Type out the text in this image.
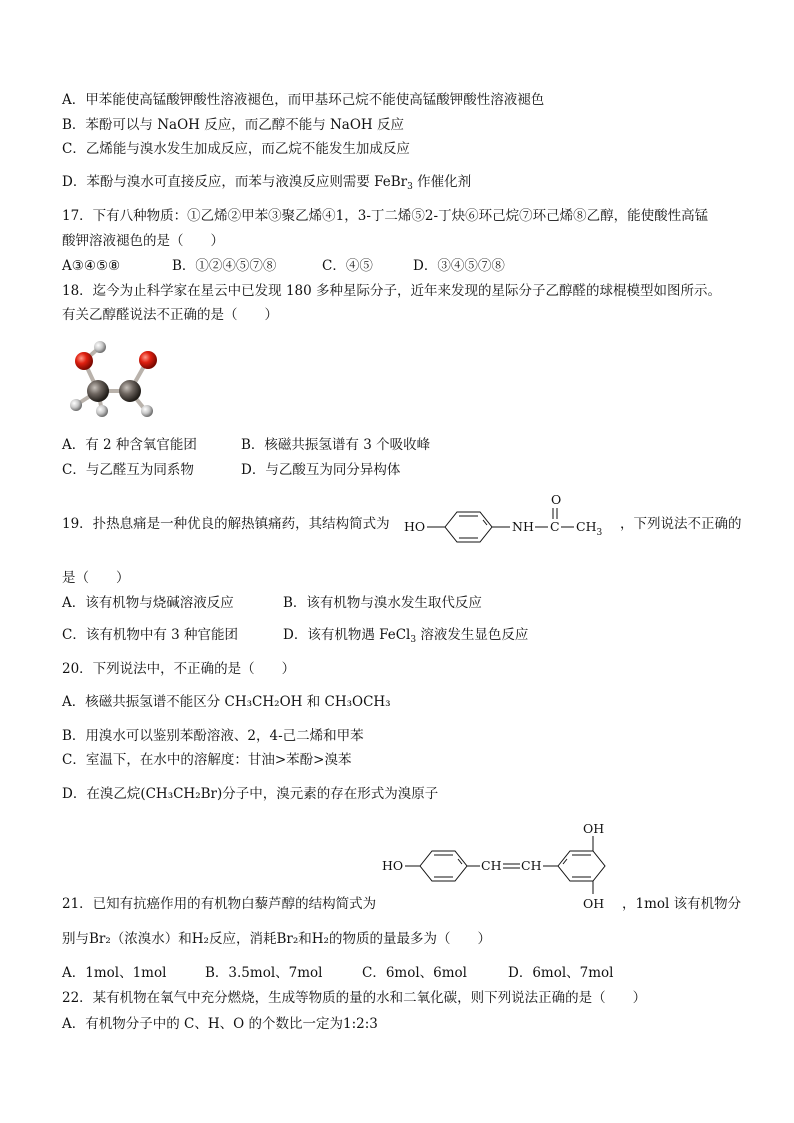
A．甲苯能使高锰酸钾酸性溶液褪色，而甲基环己烷不能使高锰酸钾酸性溶液褪色
B．苯酚可以与 NaOH 反应，而乙醇不能与 NaOH 反应
C．乙烯能与溴水发生加成反应，而乙烷不能发生加成反应
D．苯酚与溴水可直接反应，而苯与液溴反应则需要 FeBr$_3$ 作催化剂
17．下有八种物质：①乙烯②甲苯③聚乙烯④1，3-丁二烯⑤2-丁炔⑥环己烷⑦环己烯⑧乙醇，能使酸性高锰
酸钾溶液褪色的是（　　）
A③④⑤⑧	B．①②④⑤⑦⑧	C．④⑤	D．③④⑤⑦⑧
18．迄今为止科学家在星云中已发现 180 多种星际分子，近年来发现的星际分子乙醇醛的球棍模型如图所示。
有关乙醇醛说法不正确的是（　　）
A．有 2 种含氧官能团	B．核磁共振氢谱有 3 个吸收峰
C．与乙醛互为同系物	D．与乙酸互为同分异构体
19．扑热息痛是一种优良的解热镇痛药，其结构简式为 HO	NH C
O
$CH_3$
，下列说法不正确的
是（　　）
A．该有机物与烧碱溶液反应	B．该有机物与溴水发生取代反应
C．该有机物中有 3 种官能团	D．该有机物遇 FeCl$_3$ 溶液发生显色反应
20．下列说法中，不正确的是（　　）
A．核磁共振氢谱不能区分 CH₃CH₂OH 和 CH₃OCH₃
B．用溴水可以鉴别苯酚溶液、2，4-己二烯和甲苯
C．室温下，在水中的溶解度：甘油>苯酚>溴苯
D．在溴乙烷(CH₃CH₂Br)分子中，溴元素的存在形式为溴原子
HO	CH CH
OH
OH
21．已知有抗癌作用的有机物白藜芦醇的结构简式为	，1mol 该有机物分
别与Br₂（浓溴水）和H₂反应，消耗Br₂和H₂的物质的量最多为（　　）
A．1mol、1mol	B．3.5mol、7mol	C．6mol、6mol	D．6mol、7mol
22．某有机物在氧气中充分燃烧，生成等物质的量的水和二氧化碳，则下列说法正确的是（　　）
A．有机物分子中的 C、H、O 的个数比一定为1:2:3
